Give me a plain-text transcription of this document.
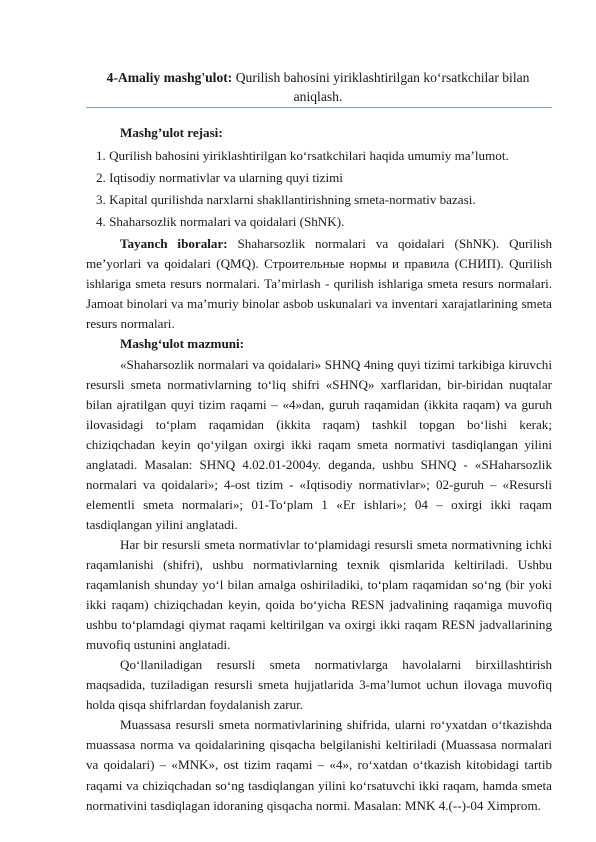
4-Amaliy mashg'ulot: Qurilish bahosini yiriklashtirilgan ko‘rsatkchilar bilan aniqlash.
Mashg’ulot rejasi:
1. Qurilish bahosini yiriklashtirilgan ko‘rsatkchilari haqida umumiy ma’lumot.
2. Iqtisodiy normativlar va ularning quyi tizimi
3. Kapital qurilishda narxlarni shakllantirishning smeta-normativ bazasi.
4. Shaharsozlik normalari va qoidalari (ShNK).

Tayanch iboralar: Shaharsozlik normalari va qoidalari (ShNK). Qurilish me’yorlari va qoidalari (QMQ). Строительные нормы и правила (СНИП). Qurilish ishlariga smeta resurs normalari. Ta’mirlash - qurilish ishlariga smeta resurs normalari. Jamoat binolari va ma’muriy binolar asbob uskunalari va inventari xarajatlarining smeta resurs normalari.

Mashg‘ulot mazmuni:

«Shaharsozlik normalari va qoidalari» SHNQ 4ning quyi tizimi tarkibiga kiruvchi resursli smeta normativlarning to‘liq shifri «SHNQ» xarflaridan, bir-biridan nuqtalar bilan ajratilgan quyi tizim raqami – «4»dan, guruh raqamidan (ikkita raqam) va guruh ilovasidagi to‘plam raqamidan (ikkita raqam) tashkil topgan bo‘lishi kerak; chiziqchadan keyin qo‘yilgan oxirgi ikki raqam smeta normativi tasdiqlangan yilini anglatadi. Masalan: SHNQ 4.02.01-2004y. deganda, ushbu SHNQ - «SHaharsozlik normalari va qoidalari»; 4-ost tizim - «Iqtisodiy normativlar»; 02-guruh – «Resursli elementli smeta normalari»; 01-To‘plam 1 «Er ishlari»; 04 – oxirgi ikki raqam tasdiqlangan yilini anglatadi.

Har bir resursli smeta normativlar to‘plamidagi resursli smeta normativning ichki raqamlanishi (shifri), ushbu normativlarning texnik qismlarida keltiriladi. Ushbu raqamlanish shunday yo‘l bilan amalga oshiriladiki, to‘plam raqamidan so‘ng (bir yoki ikki raqam) chiziqchadan keyin, qoida bo‘yicha RESN jadvalining raqamiga muvofiq ushbu to‘plamdagi qiymat raqami keltirilgan va oxirgi ikki raqam RESN jadvallarining muvofiq ustunini anglatadi.

Qo‘llaniladigan resursli smeta normativlarga havolalarni birxillashtirish maqsadida, tuziladigan resursli smeta hujjatlarida 3-ma’lumot uchun ilovaga muvofiq holda qisqa shifrlardan foydalanish zarur.

Muassasa resursli smeta normativlarining shifrida, ularni ro‘yxatdan o‘tkazishda muassasa norma va qoidalarining qisqacha belgilanishi keltiriladi (Muassasa normalari va qoidalari) – «MNK», ost tizim raqami – «4», ro‘xatdan o‘tkazish kitobidagi tartib raqami va chiziqchadan so‘ng tasdiqlangan yilini ko‘rsatuvchi ikki raqam, hamda smeta normativini tasdiqlagan idoraning qisqacha normi. Masalan: MNK 4.(--)-04 Ximprom.
